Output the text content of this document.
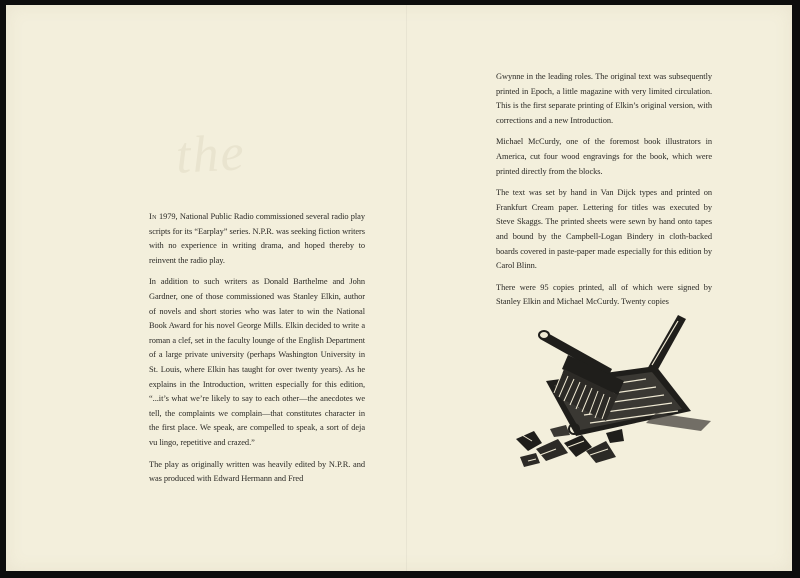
the

In 1979, National Public Radio commissioned several radio play scripts for its “Earplay” series. N.P.R. was seeking fiction writers with no experience in writing drama, and hoped thereby to reinvent the radio play.

In addition to such writers as Donald Barthelme and John Gardner, one of those commissioned was Stanley Elkin, author of novels and short stories who was later to win the National Book Award for his novel George Mills. Elkin decided to write a roman a clef, set in the faculty lounge of the English Department of a large private university (perhaps Washington University in St. Louis, where Elkin has taught for over twenty years). As he explains in the Introduction, written especially for this edition, “...it’s what we’re likely to say to each other—the anecdotes we tell, the complaints we complain—that constitutes character in the first place. We speak, are compelled to speak, a sort of deja vu lingo, repetitive and crazed.”

The play as originally written was heavily edited by N.P.R. and was produced with Edward Hermann and Fred

Gwynne in the leading roles. The original text was subsequently printed in Epoch, a little magazine with very limited circulation. This is the first separate printing of Elkin’s original version, with corrections and a new Introduction.

Michael McCurdy, one of the foremost book illustrators in America, cut four wood engravings for the book, which were printed directly from the blocks.

The text was set by hand in Van Dijck types and printed on Frankfurt Cream paper. Lettering for titles was executed by Steve Skaggs. The printed sheets were sewn by hand onto tapes and bound by the Campbell-Logan Bindery in cloth-backed boards covered in paste-paper made especially for this edition by Carol Blinn.

There were 95 copies printed, all of which were signed by Stanley Elkin and Michael McCurdy. Twenty copies
